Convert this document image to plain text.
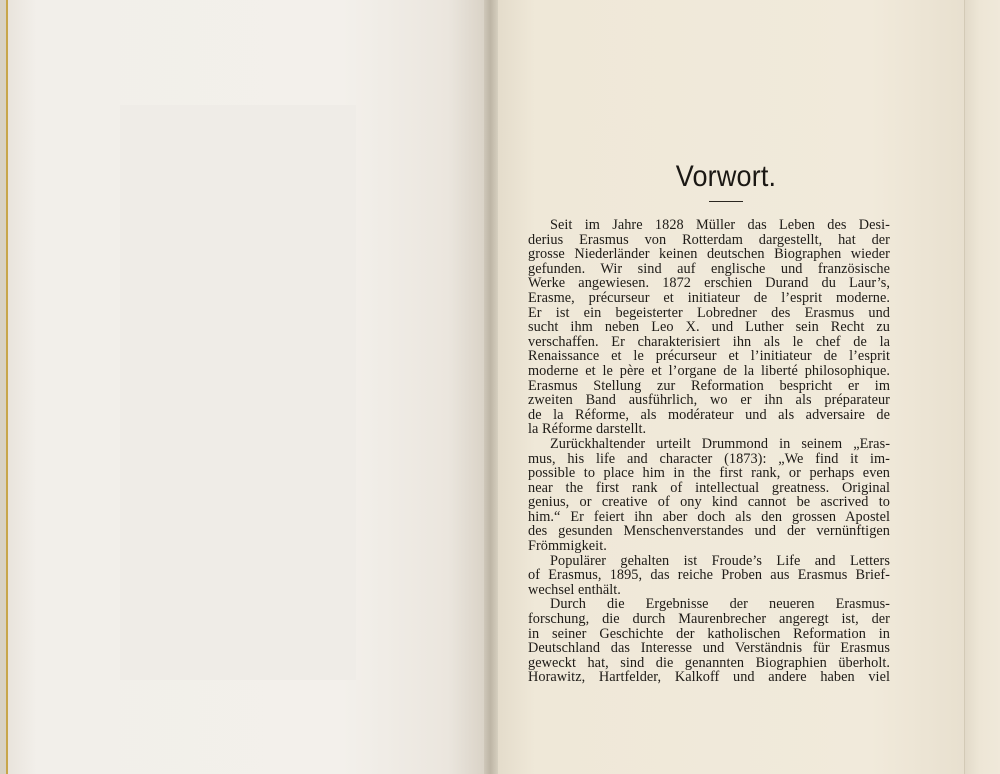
Vorwort.
Seit im Jahre 1828 Müller das Leben des Desi-
derius Erasmus von Rotterdam dargestellt, hat der
grosse Niederländer keinen deutschen Biographen wieder
gefunden. Wir sind auf englische und französische
Werke angewiesen. 1872 erschien Durand du Laur’s,
Erasme, précurseur et initiateur de l’esprit moderne.
Er ist ein begeisterter Lobredner des Erasmus und
sucht ihm neben Leo X. und Luther sein Recht zu
verschaffen. Er charakterisiert ihn als le chef de la
Renaissance et le précurseur et l’initiateur de l’esprit
moderne et le père et l’organe de la liberté philosophique.
Erasmus Stellung zur Reformation bespricht er im
zweiten Band ausführlich, wo er ihn als préparateur
de la Réforme, als modérateur und als adversaire de
la Réforme darstellt.
Zurückhaltender urteilt Drummond in seinem „Eras-
mus, his life and character (1873): „We find it im-
possible to place him in the first rank, or perhaps even
near the first rank of intellectual greatness. Original
genius, or creative of ony kind cannot be ascrived to
him.“ Er feiert ihn aber doch als den grossen Apostel
des gesunden Menschenverstandes und der vernünftigen
Frömmigkeit.
Populärer gehalten ist Froude’s Life and Letters
of Erasmus, 1895, das reiche Proben aus Erasmus Brief-
wechsel enthält.
Durch die Ergebnisse der neueren Erasmus-
forschung, die durch Maurenbrecher angeregt ist, der
in seiner Geschichte der katholischen Reformation in
Deutschland das Interesse und Verständnis für Erasmus
geweckt hat, sind die genannten Biographien überholt.
Horawitz, Hartfelder, Kalkoff und andere haben viel
